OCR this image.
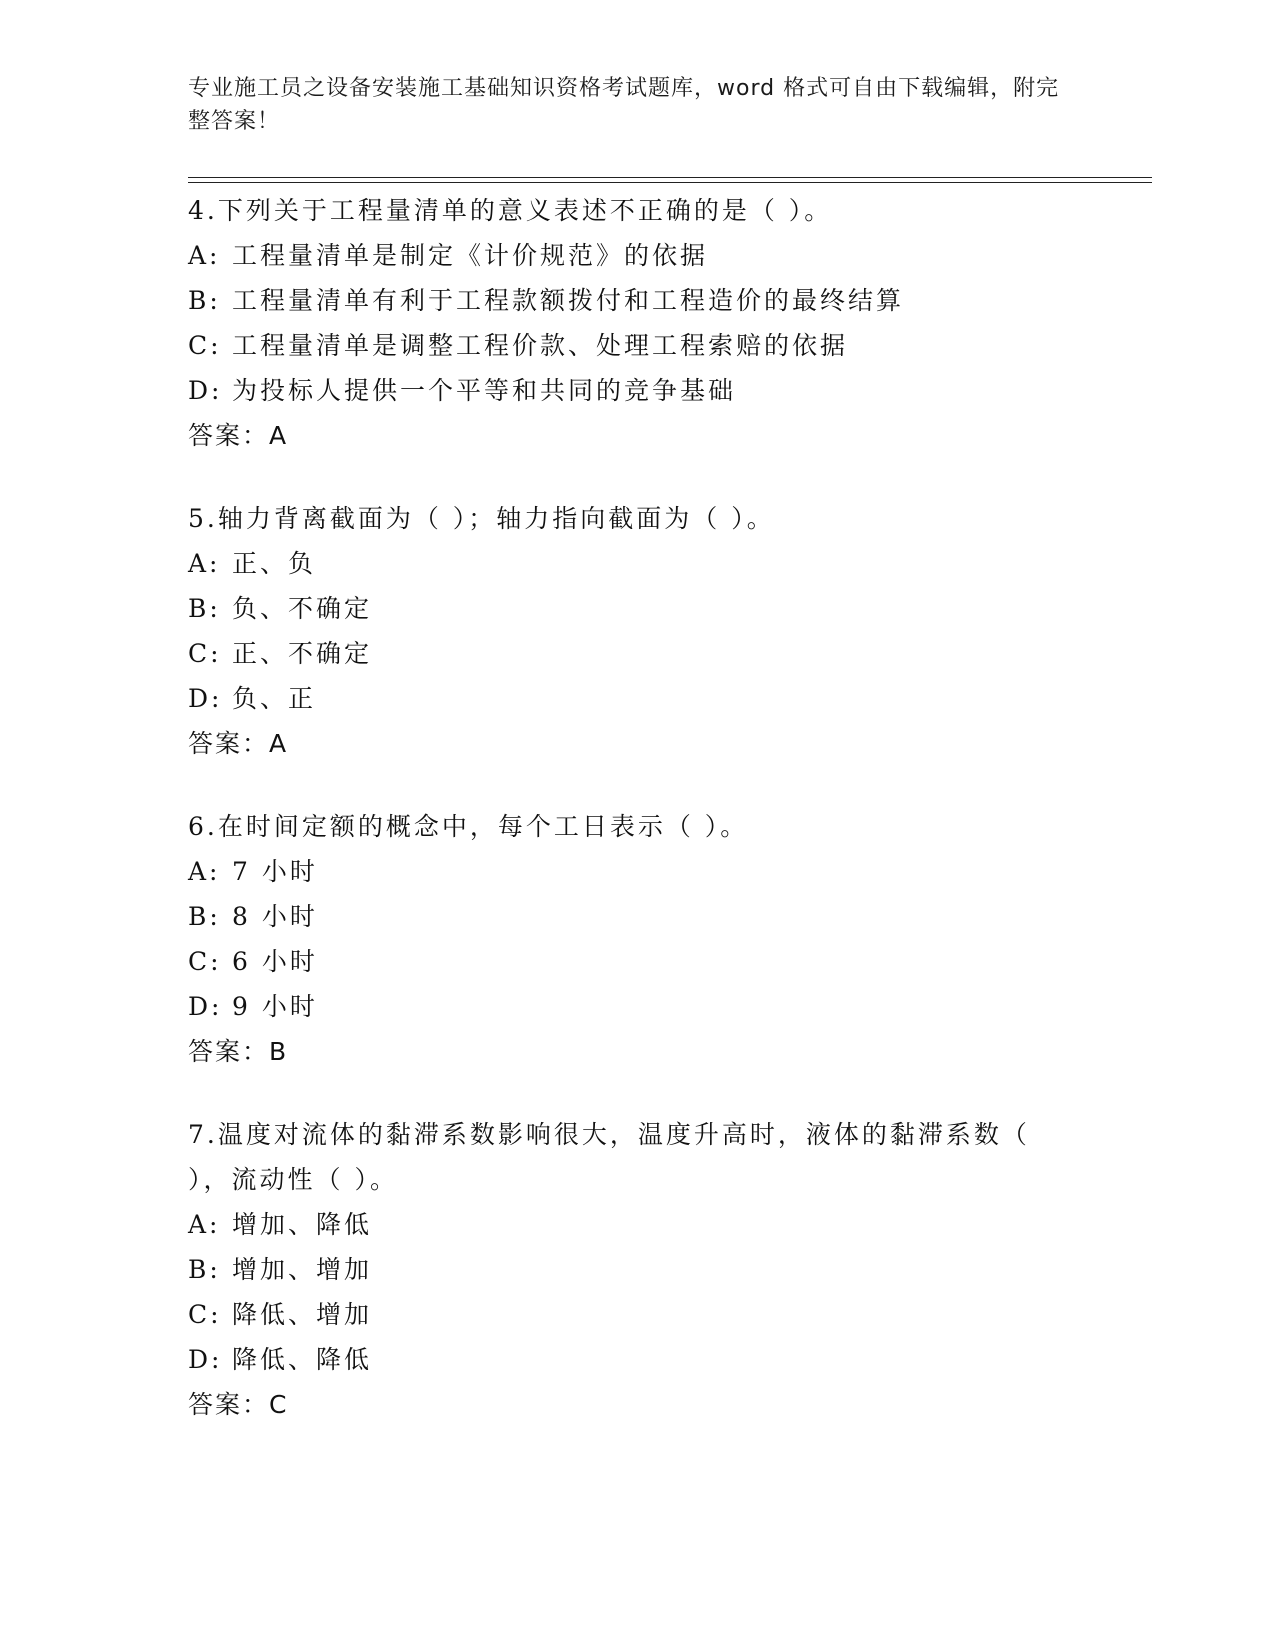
专业施工员之设备安装施工基础知识资格考试题库，word 格式可自由下载编辑，附完整答案！

4.下列关于工程量清单的意义表述不正确的是（ ）。

A: 工程量清单是制定《计价规范》的依据

B: 工程量清单有利于工程款额拨付和工程造价的最终结算

C: 工程量清单是调整工程价款、处理工程索赔的依据

D: 为投标人提供一个平等和共同的竞争基础

答案：A

5.轴力背离截面为（ ）；轴力指向截面为（ ）。

A: 正、负

B: 负、不确定

C: 正、不确定

D: 负、正

答案：A

6.在时间定额的概念中，每个工日表示（ ）。

A: 7 小时

B: 8 小时

C: 6 小时

D: 9 小时

答案：B

7.温度对流体的黏滞系数影响很大，温度升高时，液体的黏滞系数（ ），流动性（ ）。

A: 增加、降低

B: 增加、增加

C: 降低、增加

D: 降低、降低

答案：C
